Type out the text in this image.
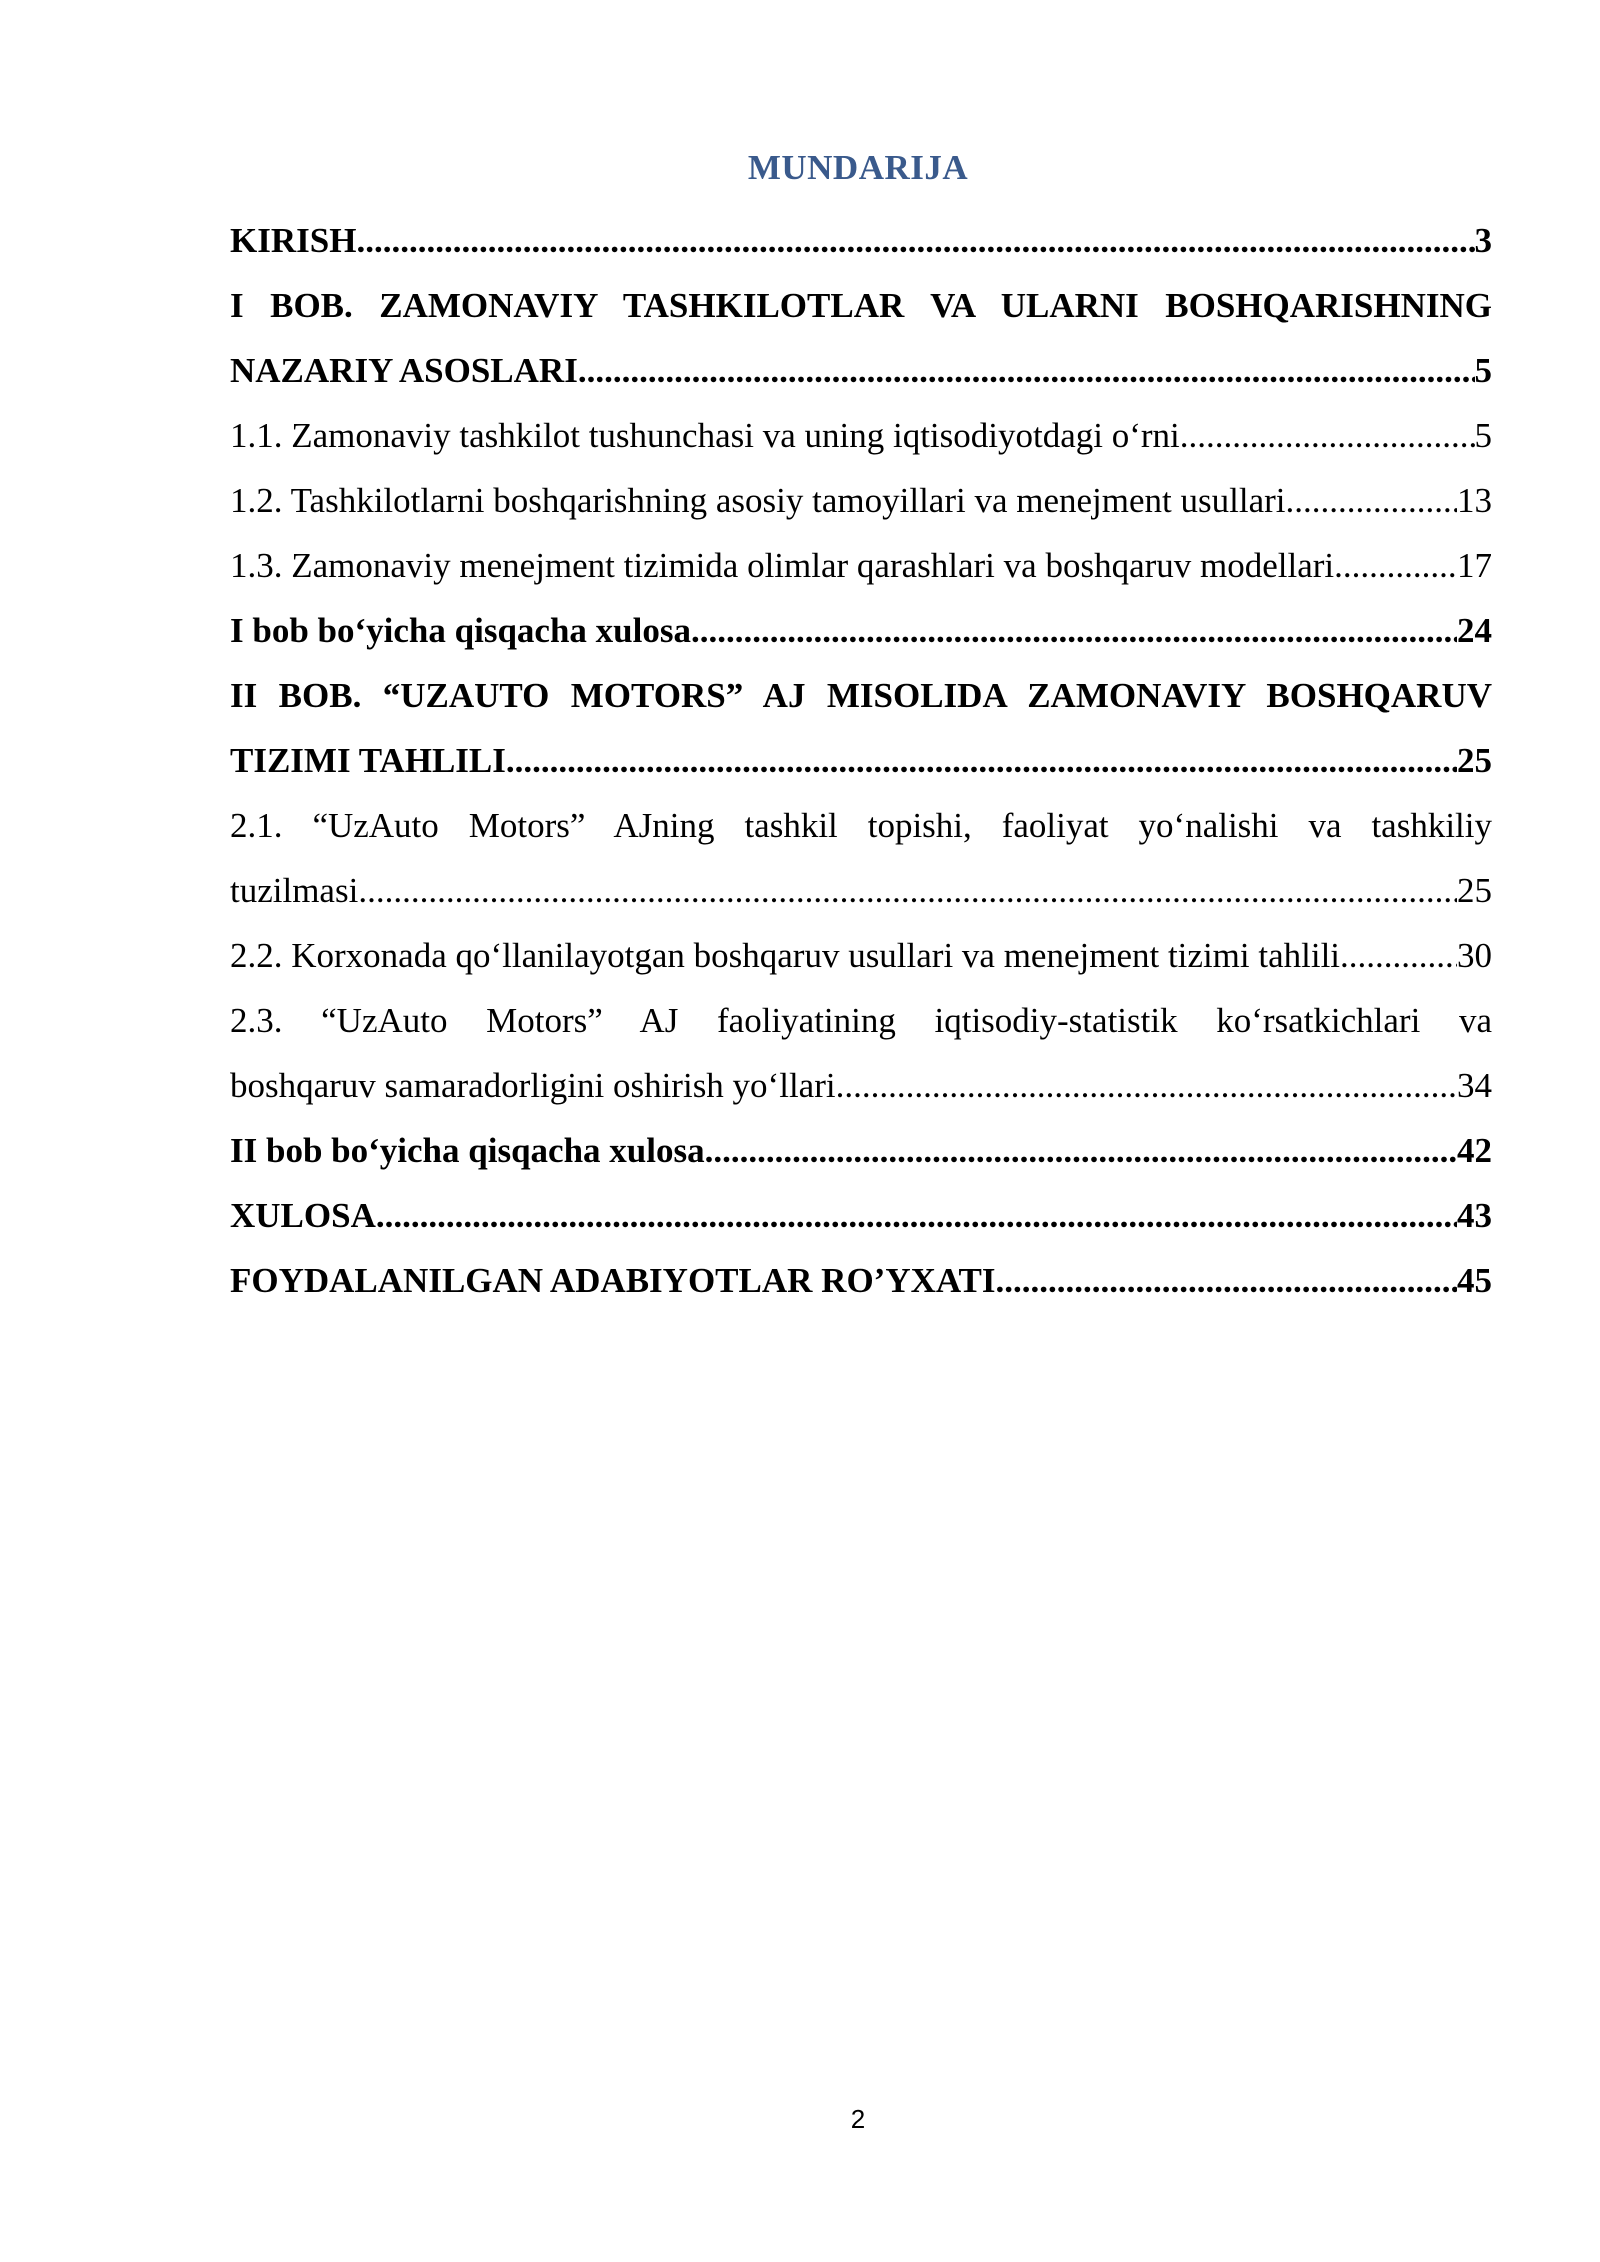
MUNDARIJA
KIRISH .....	3
I BOB. ZAMONAVIY TASHKILOTLAR VA ULARNI BOSHQARISHNING
NAZARIY ASOSLARI .....	5
1.1. Zamonaviy tashkilot tushunchasi va uning iqtisodiyotdagi o‘rni .....	5
1.2. Tashkilotlarni boshqarishning asosiy tamoyillari va menejment usullari .....	13
1.3. Zamonaviy menejment tizimida olimlar qarashlari va boshqaruv modellari .....	17
I bob bo‘yicha qisqacha xulosa .....	24
II BOB. “UZAUTO MOTORS” AJ MISOLIDA ZAMONAVIY BOSHQARUV
TIZIMI TAHLILI .....	25
2.1. “UzAuto Motors” AJning tashkil topishi, faoliyat yo‘nalishi va tashkiliy
tuzilmasi .....	25
2.2. Korxonada qo‘llanilayotgan boshqaruv usullari va menejment tizimi tahlili .....	30
2.3. “UzAuto Motors” AJ faoliyatining iqtisodiy-statistik ko‘rsatkichlari va
boshqaruv samaradorligini oshirish yo‘llari .....	34
II bob bo‘yicha qisqacha xulosa .....	42
XULOSA .....	43
FOYDALANILGAN ADABIYOTLAR RO’YXATI .....	45
2
